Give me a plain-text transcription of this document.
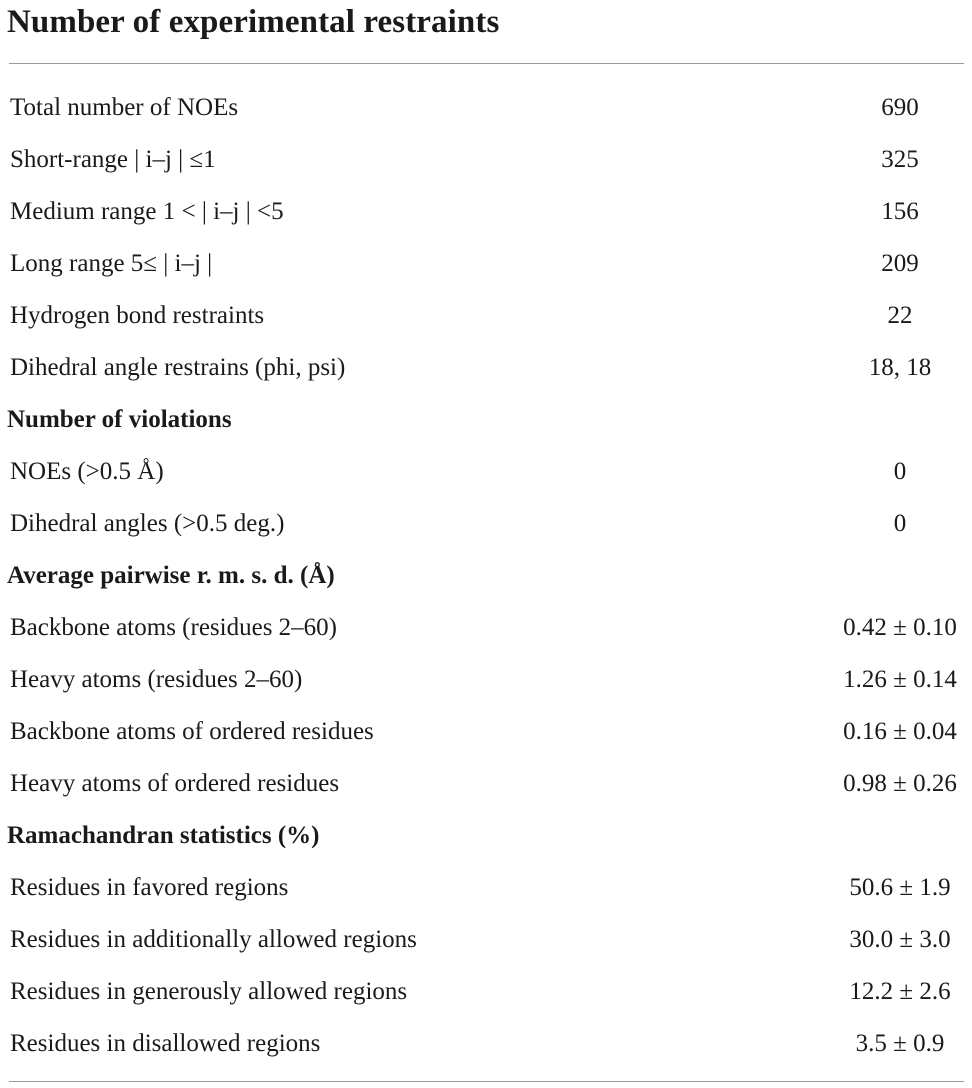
Number of experimental restraints
Total number of NOEs	690
Short-range | i–j | ≤1	325
Medium range 1 < | i–j | <5	156
Long range 5≤ | i–j |	209
Hydrogen bond restraints	22
Dihedral angle restrains (phi, psi)	18, 18
Number of violations
NOEs (>0.5 Å)	0
Dihedral angles (>0.5 deg.)	0
Average pairwise r. m. s. d. (Å)
Backbone atoms (residues 2–60)	0.42 ± 0.10
Heavy atoms (residues 2–60)	1.26 ± 0.14
Backbone atoms of ordered residues	0.16 ± 0.04
Heavy atoms of ordered residues	0.98 ± 0.26
Ramachandran statistics (%)
Residues in favored regions	50.6 ± 1.9
Residues in additionally allowed regions	30.0 ± 3.0
Residues in generously allowed regions	12.2 ± 2.6
Residues in disallowed regions	3.5 ± 0.9
